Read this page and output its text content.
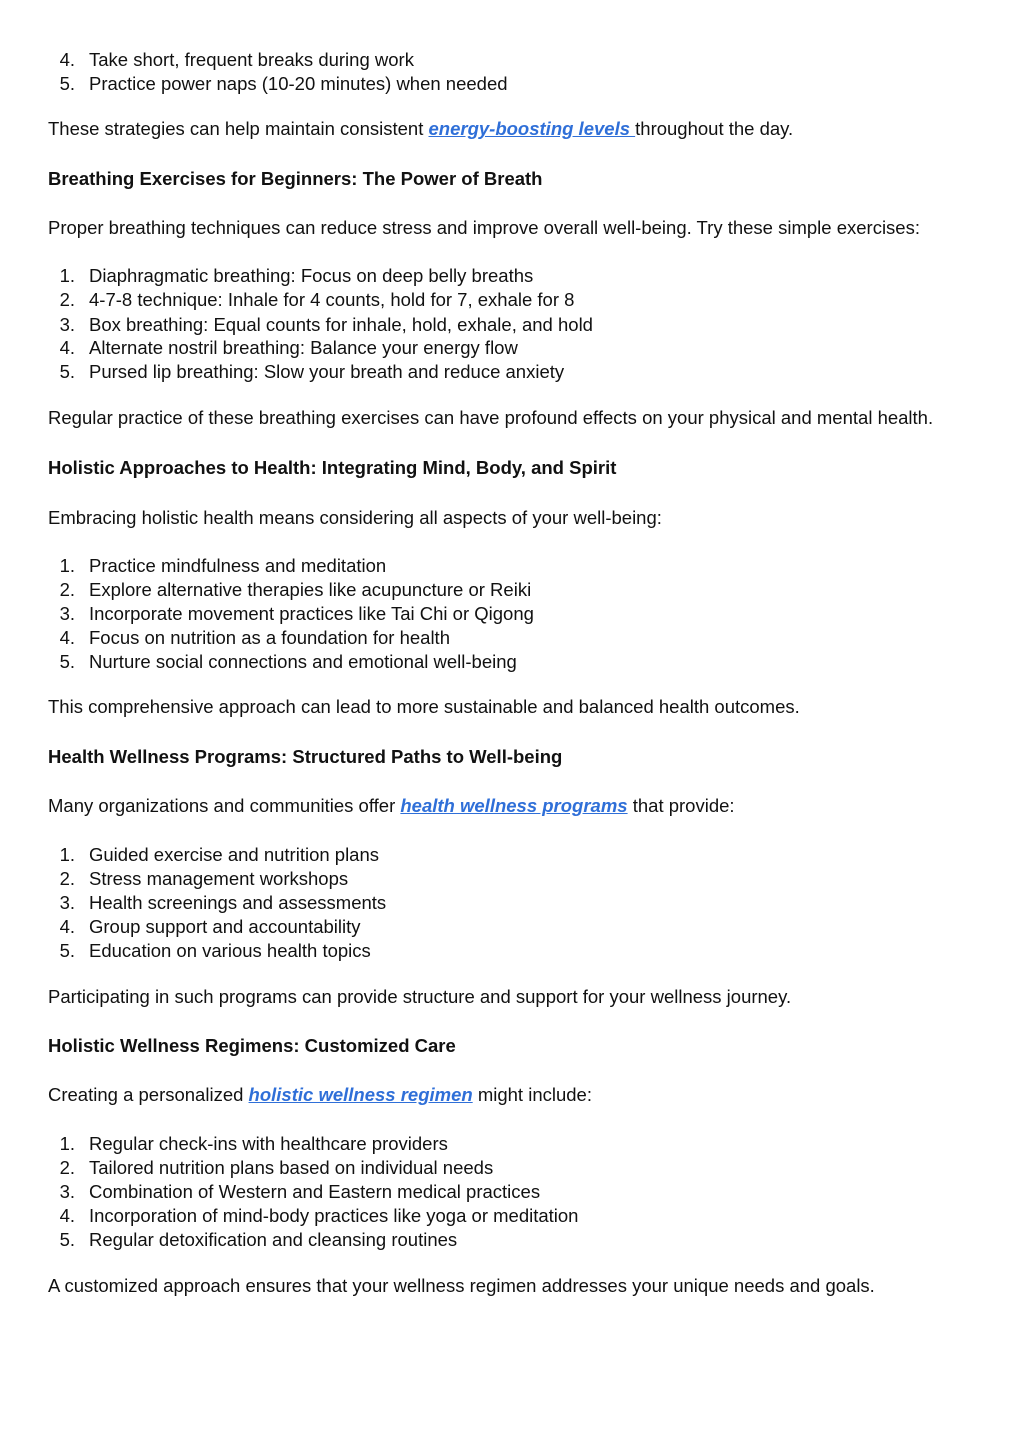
4. Take short, frequent breaks during work
5. Practice power naps (10-20 minutes) when needed
These strategies can help maintain consistent energy-boosting levels throughout the day.
Breathing Exercises for Beginners: The Power of Breath
Proper breathing techniques can reduce stress and improve overall well-being. Try these simple exercises:
1. Diaphragmatic breathing: Focus on deep belly breaths
2. 4-7-8 technique: Inhale for 4 counts, hold for 7, exhale for 8
3. Box breathing: Equal counts for inhale, hold, exhale, and hold
4. Alternate nostril breathing: Balance your energy flow
5. Pursed lip breathing: Slow your breath and reduce anxiety
Regular practice of these breathing exercises can have profound effects on your physical and mental health.
Holistic Approaches to Health: Integrating Mind, Body, and Spirit
Embracing holistic health means considering all aspects of your well-being:
1. Practice mindfulness and meditation
2. Explore alternative therapies like acupuncture or Reiki
3. Incorporate movement practices like Tai Chi or Qigong
4. Focus on nutrition as a foundation for health
5. Nurture social connections and emotional well-being
This comprehensive approach can lead to more sustainable and balanced health outcomes.
Health Wellness Programs: Structured Paths to Well-being
Many organizations and communities offer health wellness programs that provide:
1. Guided exercise and nutrition plans
2. Stress management workshops
3. Health screenings and assessments
4. Group support and accountability
5. Education on various health topics
Participating in such programs can provide structure and support for your wellness journey.
Holistic Wellness Regimens: Customized Care
Creating a personalized holistic wellness regimen might include:
1. Regular check-ins with healthcare providers
2. Tailored nutrition plans based on individual needs
3. Combination of Western and Eastern medical practices
4. Incorporation of mind-body practices like yoga or meditation
5. Regular detoxification and cleansing routines
A customized approach ensures that your wellness regimen addresses your unique needs and goals.
